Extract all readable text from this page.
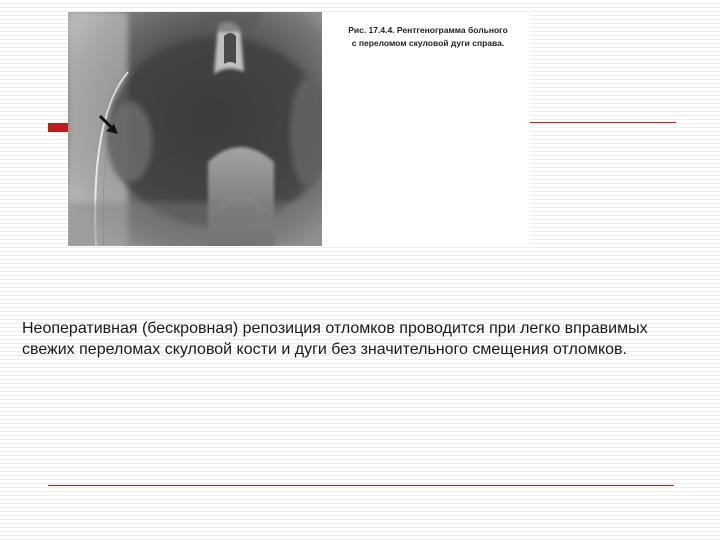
Рис. 17.4.4. Рентгенограмма больного
с переломом скуловой дуги справа.

Неоперативная (бескровная) репозиция отломков проводится при легко вправимых свежих переломах скуловой кости и дуги без значительного смещения отломков.
